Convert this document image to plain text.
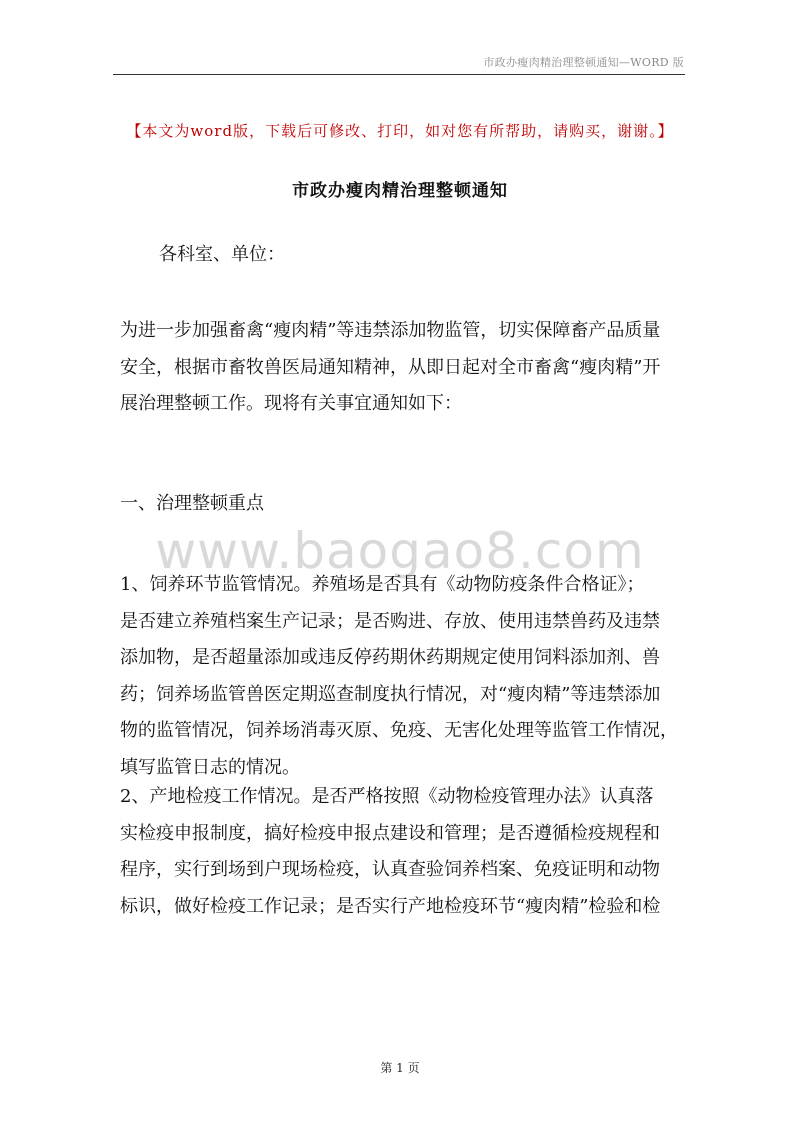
市政办瘦肉精治理整顿通知—WORD 版
【本文为word版，下载后可修改、打印，如对您有所帮助，请购买，谢谢。】
市政办瘦肉精治理整顿通知
各科室、单位：
为进一步加强畜禽“瘦肉精”等违禁添加物监管，切实保障畜产品质量
安全，根据市畜牧兽医局通知精神，从即日起对全市畜禽“瘦肉精”开
展治理整顿工作。现将有关事宜通知如下：
一、治理整顿重点
www.baogao8.com
1、饲养环节监管情况。养殖场是否具有《动物防疫条件合格证》；
是否建立养殖档案生产记录；是否购进、存放、使用违禁兽药及违禁
添加物，是否超量添加或违反停药期休药期规定使用饲料添加剂、兽
药；饲养场监管兽医定期巡查制度执行情况，对“瘦肉精”等违禁添加
物的监管情况，饲养场消毒灭原、免疫、无害化处理等监管工作情况，
填写监管日志的情况。
2、产地检疫工作情况。是否严格按照《动物检疫管理办法》认真落
实检疫申报制度，搞好检疫申报点建设和管理；是否遵循检疫规程和
程序，实行到场到户现场检疫，认真查验饲养档案、免疫证明和动物
标识，做好检疫工作记录；是否实行产地检疫环节“瘦肉精”检验和检
第 1 页
